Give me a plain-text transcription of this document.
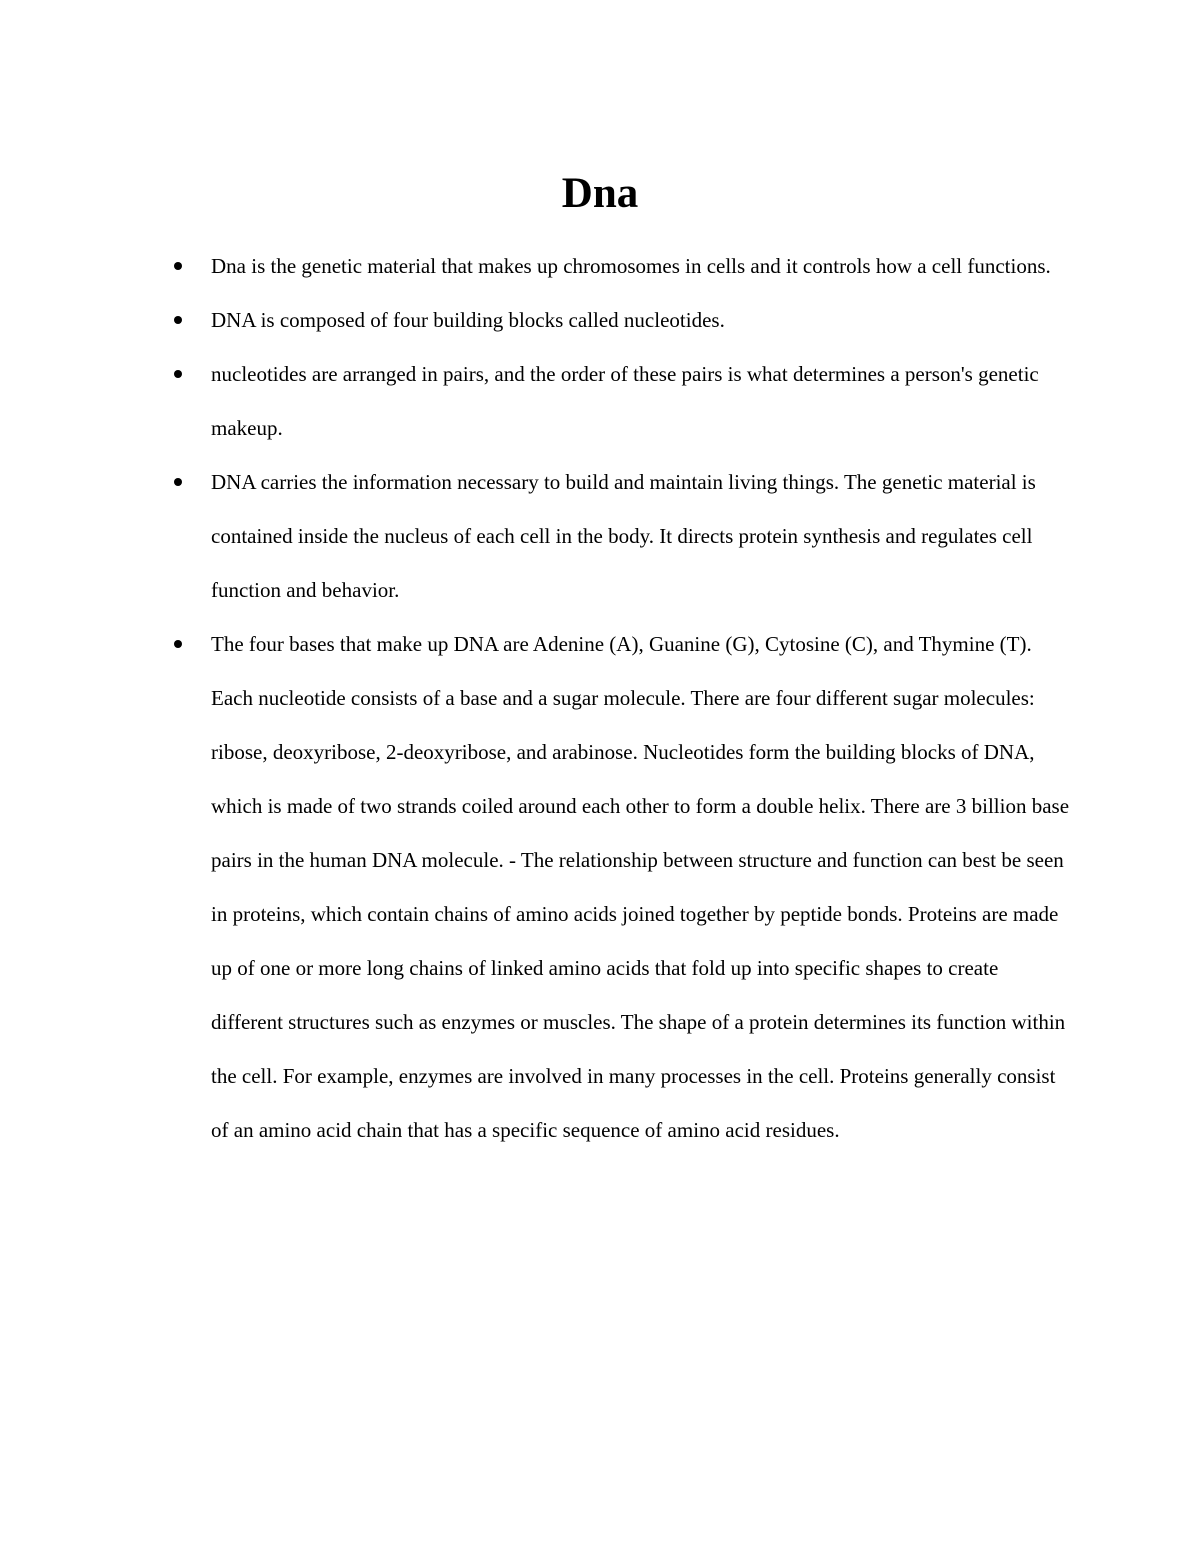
Dna
Dna is the genetic material that makes up chromosomes in cells and it controls how a cell functions.
DNA is composed of four building blocks called nucleotides.
nucleotides are arranged in pairs, and the order of these pairs is what determines a person's genetic makeup.
DNA carries the information necessary to build and maintain living things. The genetic material is contained inside the nucleus of each cell in the body. It directs protein synthesis and regulates cell function and behavior.
The four bases that make up DNA are Adenine (A), Guanine (G), Cytosine (C), and Thymine (T). Each nucleotide consists of a base and a sugar molecule. There are four different sugar molecules: ribose, deoxyribose, 2-deoxyribose, and arabinose. Nucleotides form the building blocks of DNA, which is made of two strands coiled around each other to form a double helix. There are 3 billion base pairs in the human DNA molecule. - The relationship between structure and function can best be seen in proteins, which contain chains of amino acids joined together by peptide bonds. Proteins are made up of one or more long chains of linked amino acids that fold up into specific shapes to create different structures such as enzymes or muscles. The shape of a protein determines its function within the cell. For example, enzymes are involved in many processes in the cell. Proteins generally consist of an amino acid chain that has a specific sequence of amino acid residues.
